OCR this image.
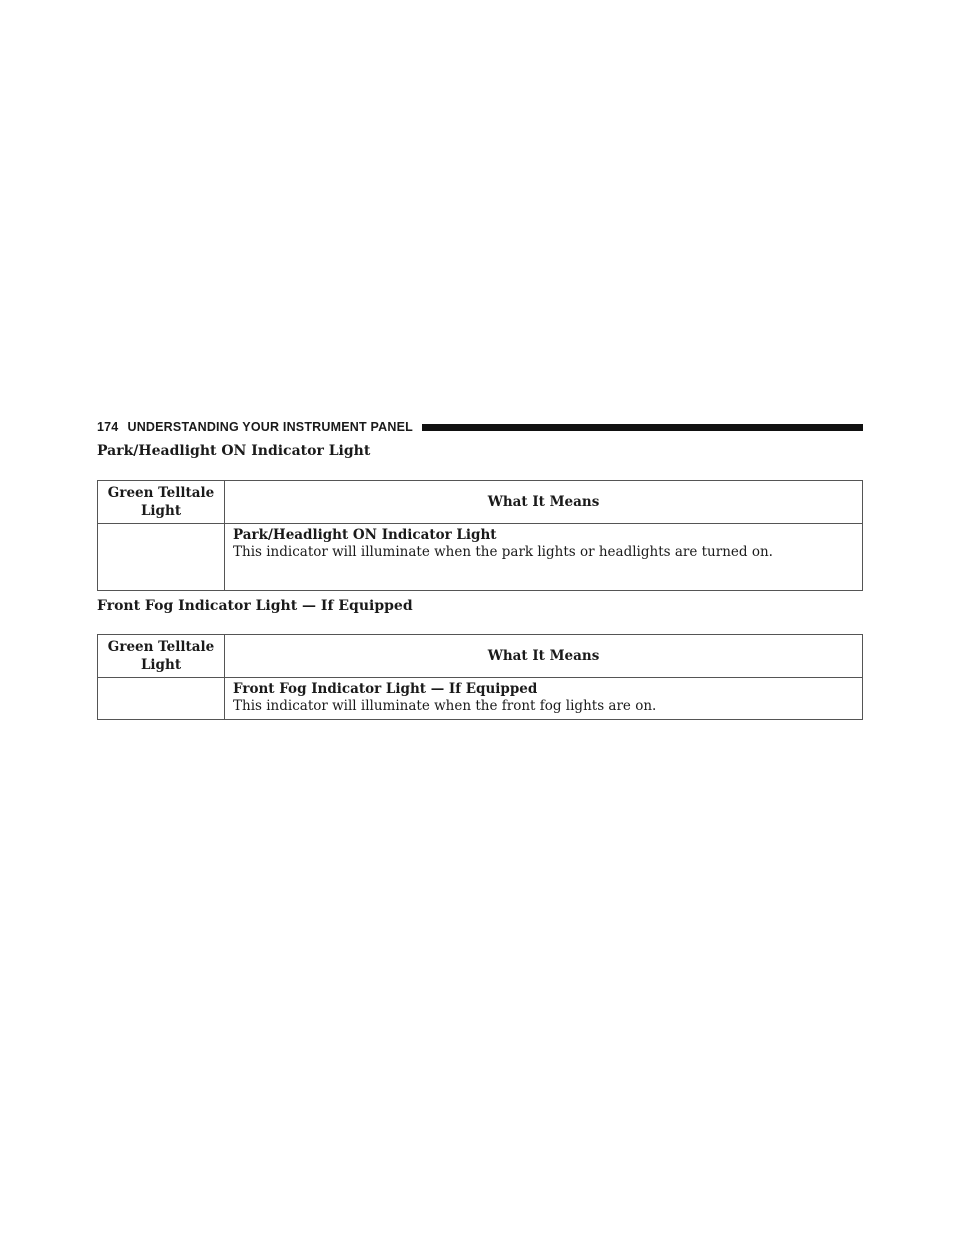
174 UNDERSTANDING YOUR INSTRUMENT PANEL
Park/Headlight ON Indicator Light
Green Telltale Light	What It Means

	Park/Headlight ON Indicator Light
This indicator will illuminate when the park lights or headlights are turned on.
Front Fog Indicator Light — If Equipped
Green Telltale Light	What It Means

	Front Fog Indicator Light — If Equipped
This indicator will illuminate when the front fog lights are on.
